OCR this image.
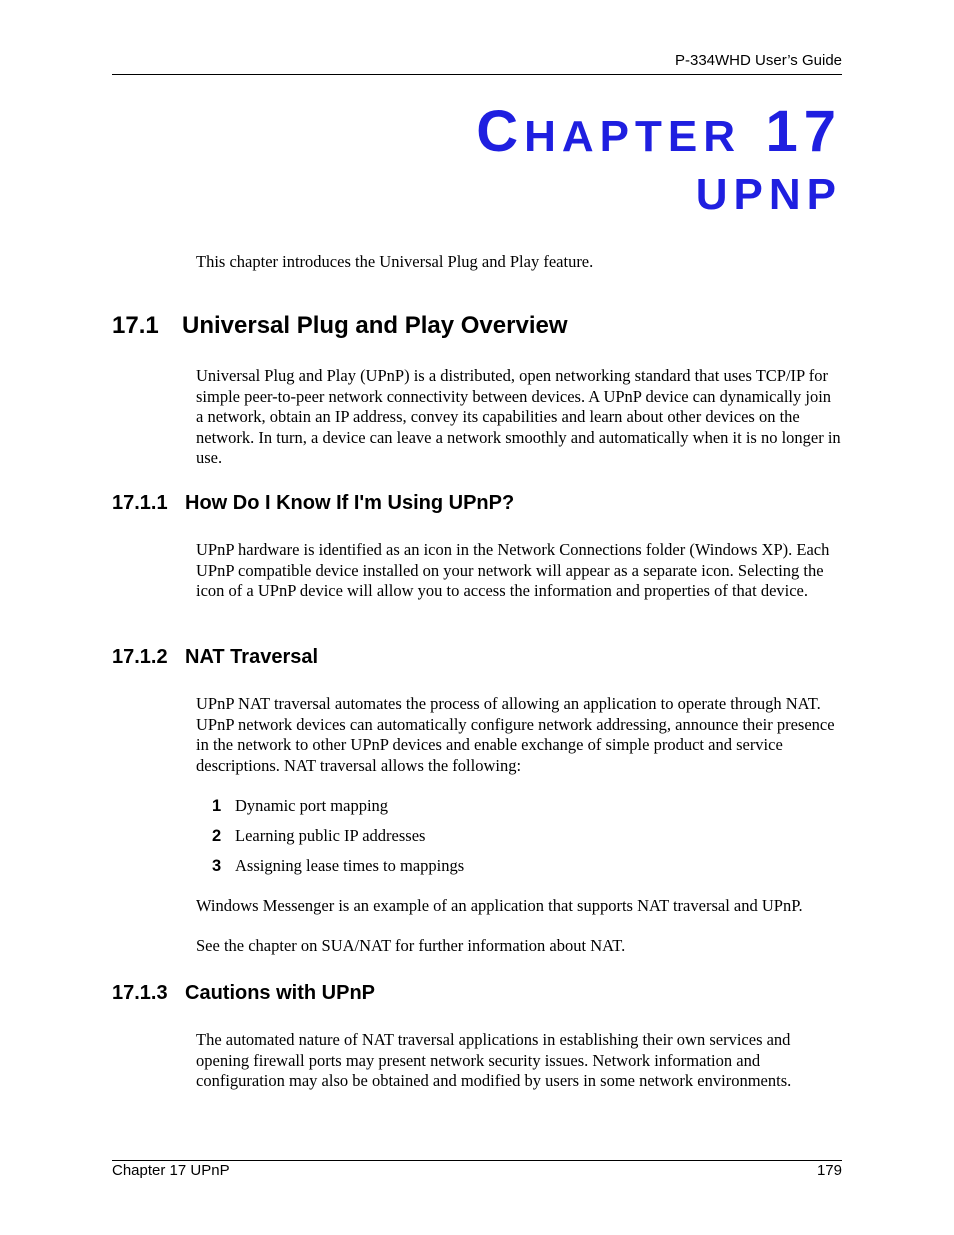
P-334WHD User’s Guide
CHAPTER 17
UPNP

This chapter introduces the Universal Plug and Play feature.

17.1 Universal Plug and Play Overview

Universal Plug and Play (UPnP) is a distributed, open networking standard that uses TCP/IP for simple peer-to-peer network connectivity between devices. A UPnP device can dynamically join a network, obtain an IP address, convey its capabilities and learn about other devices on the network. In turn, a device can leave a network smoothly and automatically when it is no longer in use.

17.1.1 How Do I Know If I'm Using UPnP?

UPnP hardware is identified as an icon in the Network Connections folder (Windows XP). Each UPnP compatible device installed on your network will appear as a separate icon. Selecting the icon of a UPnP device will allow you to access the information and properties of that device.

17.1.2 NAT Traversal

UPnP NAT traversal automates the process of allowing an application to operate through NAT. UPnP network devices can automatically configure network addressing, announce their presence in the network to other UPnP devices and enable exchange of simple product and service descriptions. NAT traversal allows the following:

1 Dynamic port mapping
2 Learning public IP addresses
3 Assigning lease times to mappings

Windows Messenger is an example of an application that supports NAT traversal and UPnP.

See the chapter on SUA/NAT for further information about NAT.

17.1.3 Cautions with UPnP

The automated nature of NAT traversal applications in establishing their own services and opening firewall ports may present network security issues. Network information and configuration may also be obtained and modified by users in some network environments.

Chapter 17 UPnP	179
